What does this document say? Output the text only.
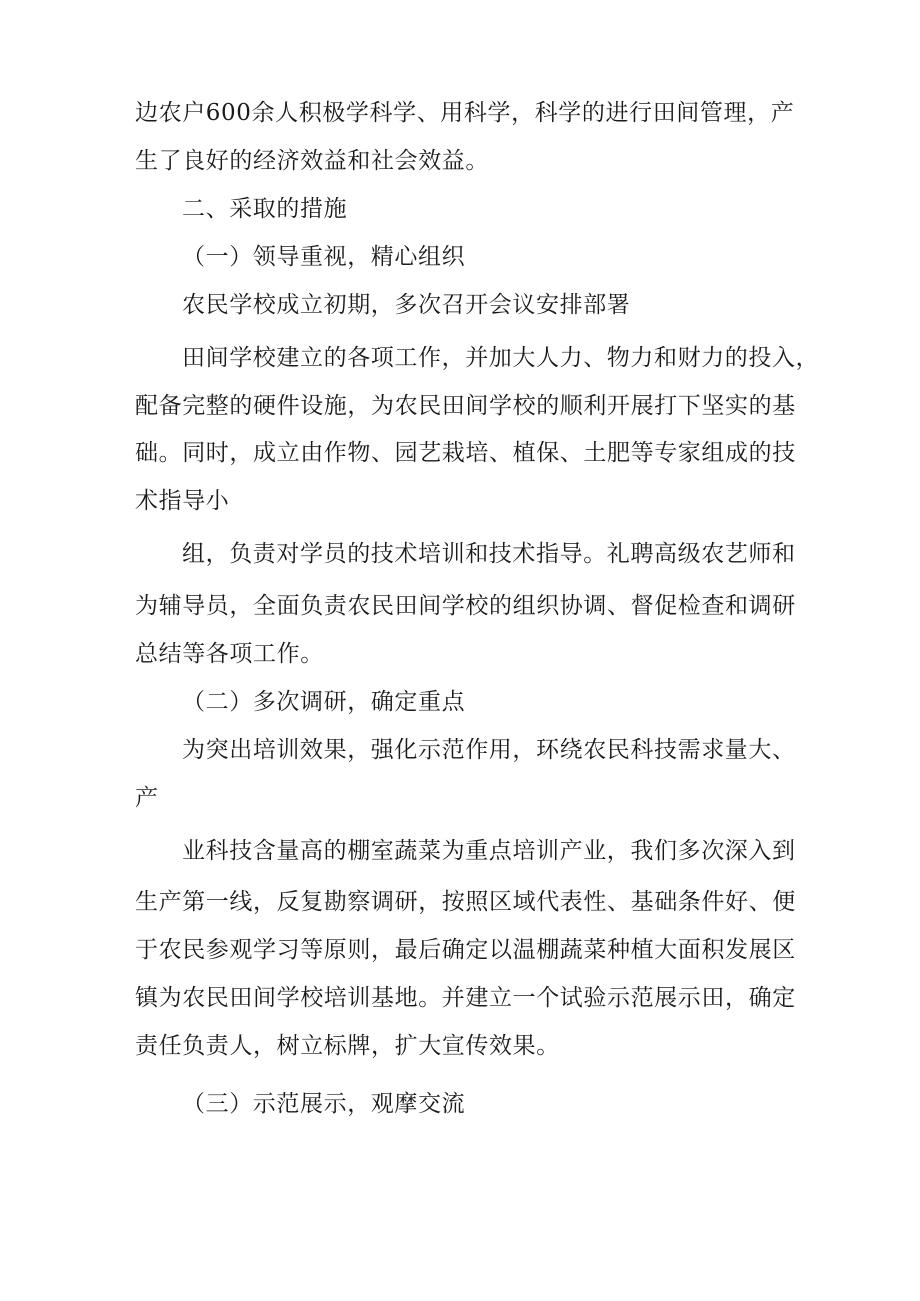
边农户600余人积极学科学、用科学，科学的进行田间管理，产
生了良好的经济效益和社会效益。
二、采取的措施
（一）领导重视，精心组织
农民学校成立初期，多次召开会议安排部署
田间学校建立的各项工作，并加大人力、物力和财力的投入，
配备完整的硬件设施，为农民田间学校的顺利开展打下坚实的基
础。同时，成立由作物、园艺栽培、植保、土肥等专家组成的技
术指导小
组，负责对学员的技术培训和技术指导。礼聘高级农艺师和
为辅导员，全面负责农民田间学校的组织协调、督促检查和调研
总结等各项工作。
（二）多次调研，确定重点
为突出培训效果，强化示范作用，环绕农民科技需求量大、
产
业科技含量高的棚室蔬菜为重点培训产业，我们多次深入到
生产第一线，反复勘察调研，按照区域代表性、基础条件好、便
于农民参观学习等原则，最后确定以温棚蔬菜种植大面积发展区
镇为农民田间学校培训基地。并建立一个试验示范展示田，确定
责任负责人，树立标牌，扩大宣传效果。
（三）示范展示，观摩交流
